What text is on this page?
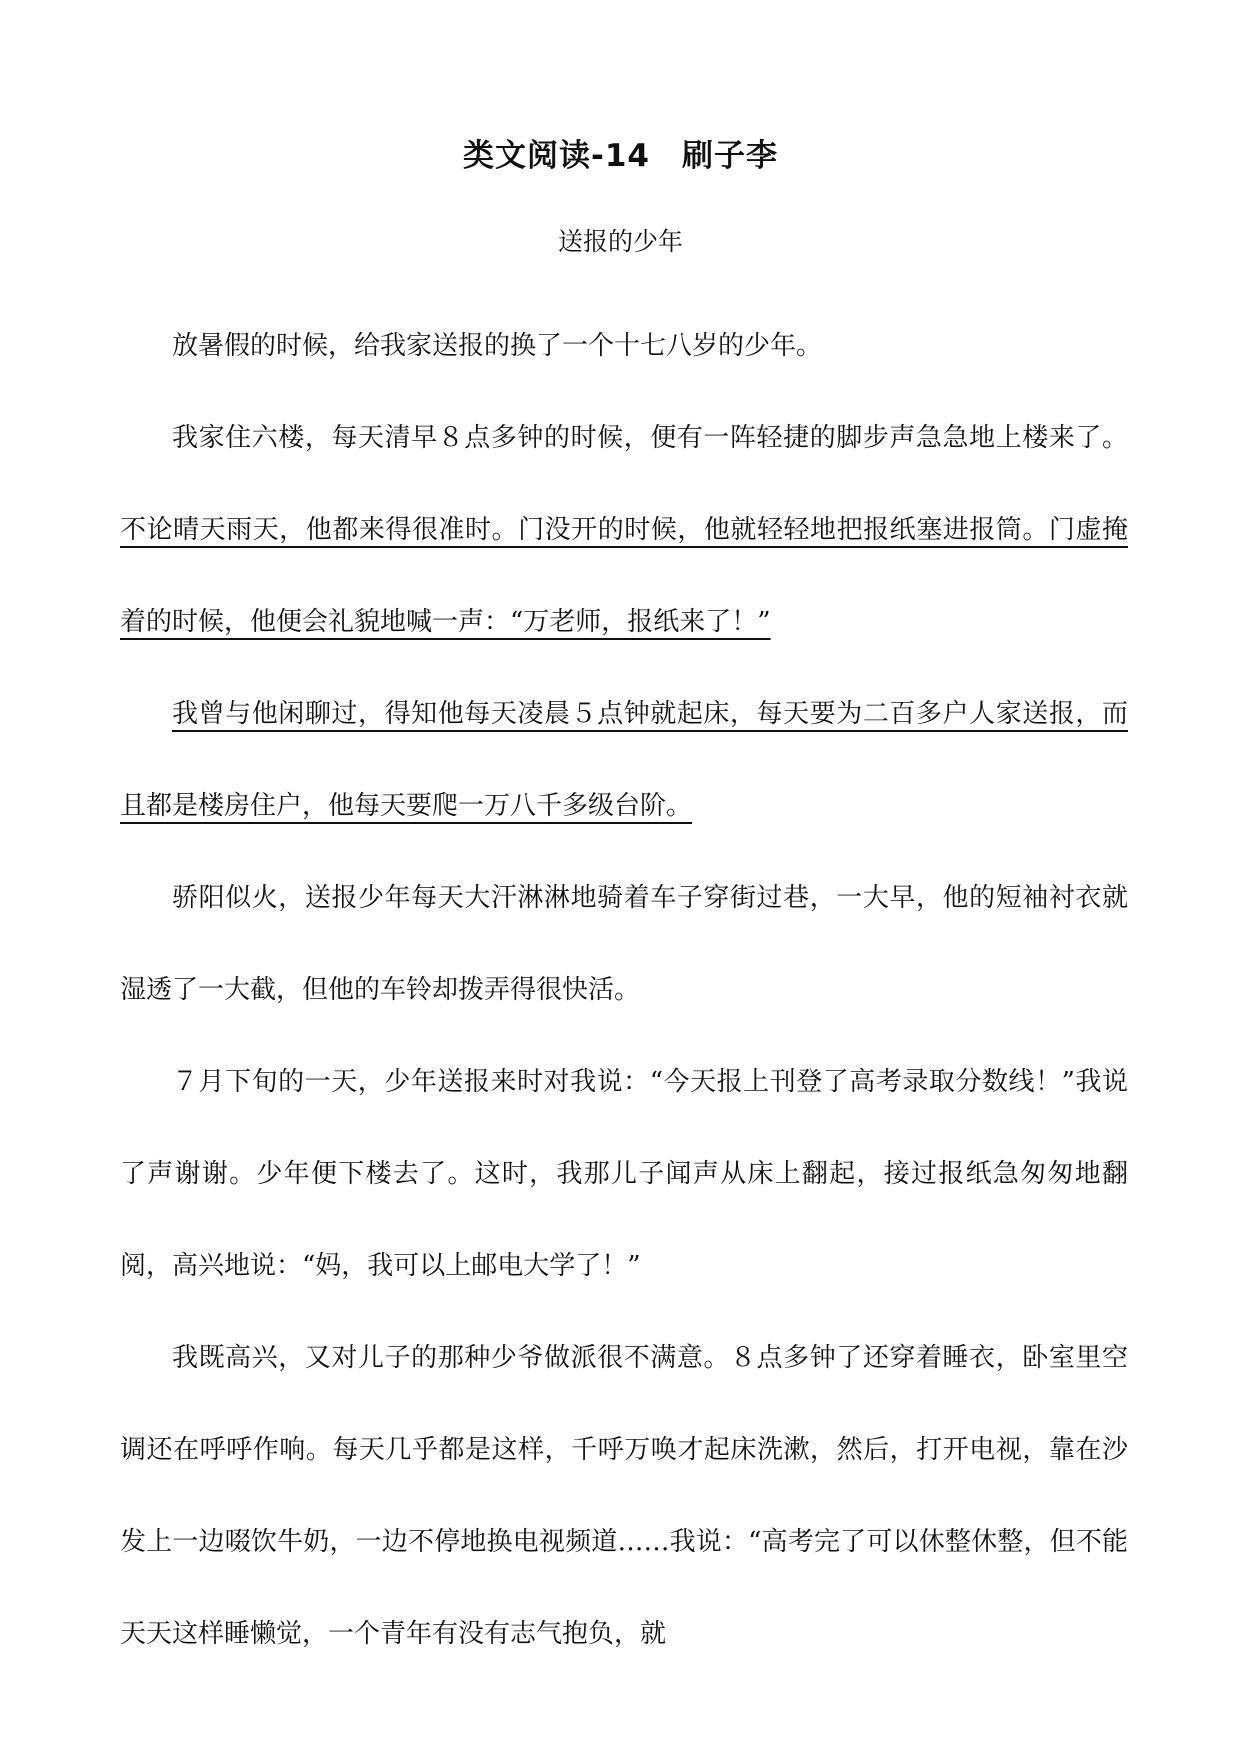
类文阅读-14　刷子李
送报的少年

放暑假的时候，给我家送报的换了一个十七八岁的少年。

我家住六楼，每天清早８点多钟的时候，便有一阵轻捷的脚步声急急地上楼来了。不论晴天雨天，他都来得很准时。门没开的时候，他就轻轻地把报纸塞进报筒。门虚掩着的时候，他便会礼貌地喊一声：“万老师，报纸来了！”

我曾与他闲聊过，得知他每天凌晨５点钟就起床，每天要为二百多户人家送报，而且都是楼房住户，他每天要爬一万八千多级台阶。

骄阳似火，送报少年每天大汗淋淋地骑着车子穿街过巷，一大早，他的短袖衬衣就湿透了一大截，但他的车铃却拨弄得很快活。

７月下旬的一天，少年送报来时对我说：“今天报上刊登了高考录取分数线！”我说了声谢谢。少年便下楼去了。这时，我那儿子闻声从床上翻起，接过报纸急匆匆地翻阅，高兴地说：“妈，我可以上邮电大学了！”

我既高兴，又对儿子的那种少爷做派很不满意。８点多钟了还穿着睡衣，卧室里空调还在呼呼作响。每天几乎都是这样，千呼万唤才起床洗漱，然后，打开电视，靠在沙发上一边啜饮牛奶，一边不停地换电视频道……我说：“高考完了可以休整休整，但不能天天这样睡懒觉，一个青年有没有志气抱负，就
